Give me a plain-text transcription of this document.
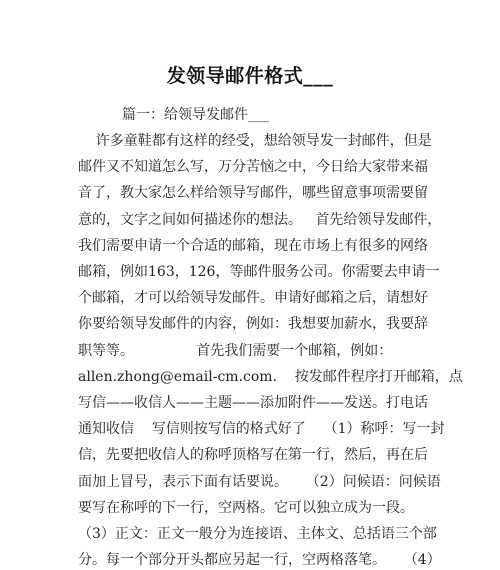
发领导邮件格式___
篇一：给领导发邮件___
许多童鞋都有这样的经受，想给领导发一封邮件，但是
邮件又不知道怎么写，万分苦恼之中，今日给大家带来福
音了，教大家怎么样给领导写邮件，哪些留意事项需要留
意的，文字之间如何描述你的想法。   首先给领导发邮件，
我们需要申请一个合适的邮箱，现在市场上有很多的网络
邮箱，例如163，126，等邮件服务公司。你需要去申请一
个邮箱，才可以给领导发邮件。申请好邮箱之后，请想好
你要给领导发邮件的内容，例如：我想要加薪水，我要辞
职等等。              首先我们需要一个邮箱，例如：
allen.zhong@email-cm.com.    按发邮件程序打开邮箱，点
写信——收信人——主题——添加附件——发送。打电话
通知收信    写信则按写信的格式好了    （1）称呼：写一封
信，先要把收信人的称呼顶格写在第一行，然后，再在后
面加上冒号，表示下面有话要说。    （2）问候语：问候语
要写在称呼的下一行，空两格。它可以独立成为一段。
（3）正文：正文一般分为连接语、主体文、总括语三个部
分。每一个部分开头都应另起一行，空两格落笔。    （4）
